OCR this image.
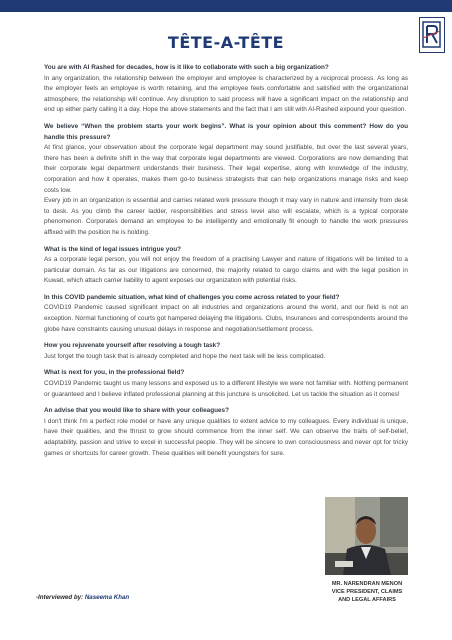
TÊTE-A-TÊTE

You are with Al Rashed for decades, how is it like to collaborate with such a big organization?

In any organization, the relationship between the employer and employee is characterized by a reciprocal process. As long as the employer feels an employee is worth retaining, and the employee feels comfortable and satisfied with the organizational atmosphere, the relationship will continue. Any disruption to said process will have a significant impact on the relationship and end up either party calling it a day. Hope the above statements and the fact that I am still with Al-Rashed expound your question.

We believe “When the problem starts your work begins”. What is your opinion about this comment? How do you handle this pressure?

At first glance, your observation about the corporate legal department may sound justifiable, but over the last several years, there has been a definite shift in the way that corporate legal departments are viewed. Corporations are now demanding that their corporate legal department understands their business. Their legal expertise, along with knowledge of the industry, corporation and how it operates, makes them go-to business strategists that can help organizations manage risks and keep costs low.

Every job in an organization is essential and carries related work pressure though it may vary in nature and intensity from desk to desk. As you climb the career ladder, responsibilities and stress level also will escalate, which is a typical corporate phenomenon. Corporates demand an employee to be intelligently and emotionally fit enough to handle the work pressures affixed with the position he is holding.

What is the kind of legal issues intrigue you?

As a corporate legal person, you will not enjoy the freedom of a practising Lawyer and nature of litigations will be limited to a particular domain. As far as our litigations are concerned, the majority related to cargo claims and with the legal position in Kuwait, which attach carrier liability to agent exposes our organization with potential risks.

In this COVID pandemic situation, what kind of challenges you come across related to your field?

COVID19 Pandemic caused significant impact on all industries and organizations around the world, and our field is not an exception. Normal functioning of courts got hampered delaying the litigations. Clubs, Insurances and correspondents around the globe have constraints causing unusual delays in response and negotiation/settlement process.

How you rejuvenate yourself after resolving a tough task?

Just forget the tough task that is already completed and hope the next task will be less complicated.

What is next for you, in the professional field?

COVID19 Pandemic taught us many lessons and exposed us to a different lifestyle we were not familiar with. Nothing permanent or guaranteed and I believe inflated professional planning at this juncture is unsolicited. Let us tackle the situation as it comes!

An advise that you would like to share with your colleagues?

I don't think I'm a perfect role model or have any unique qualities to extent advice to my colleagues. Every individual is unique, have their qualities, and the thrust to grow should commence from the inner self. We can observe the traits of self-belief, adaptability, passion and strive to excel in successful people. They will be sincere to own consciousness and never opt for tricky games or shortcuts for career growth. These qualities will benefit youngsters for sure.

MR. NARENDRAN MENON
VICE PRESIDENT, CLAIMS
AND LEGAL AFFAIRS
-Interviewed by: Naseema Khan
